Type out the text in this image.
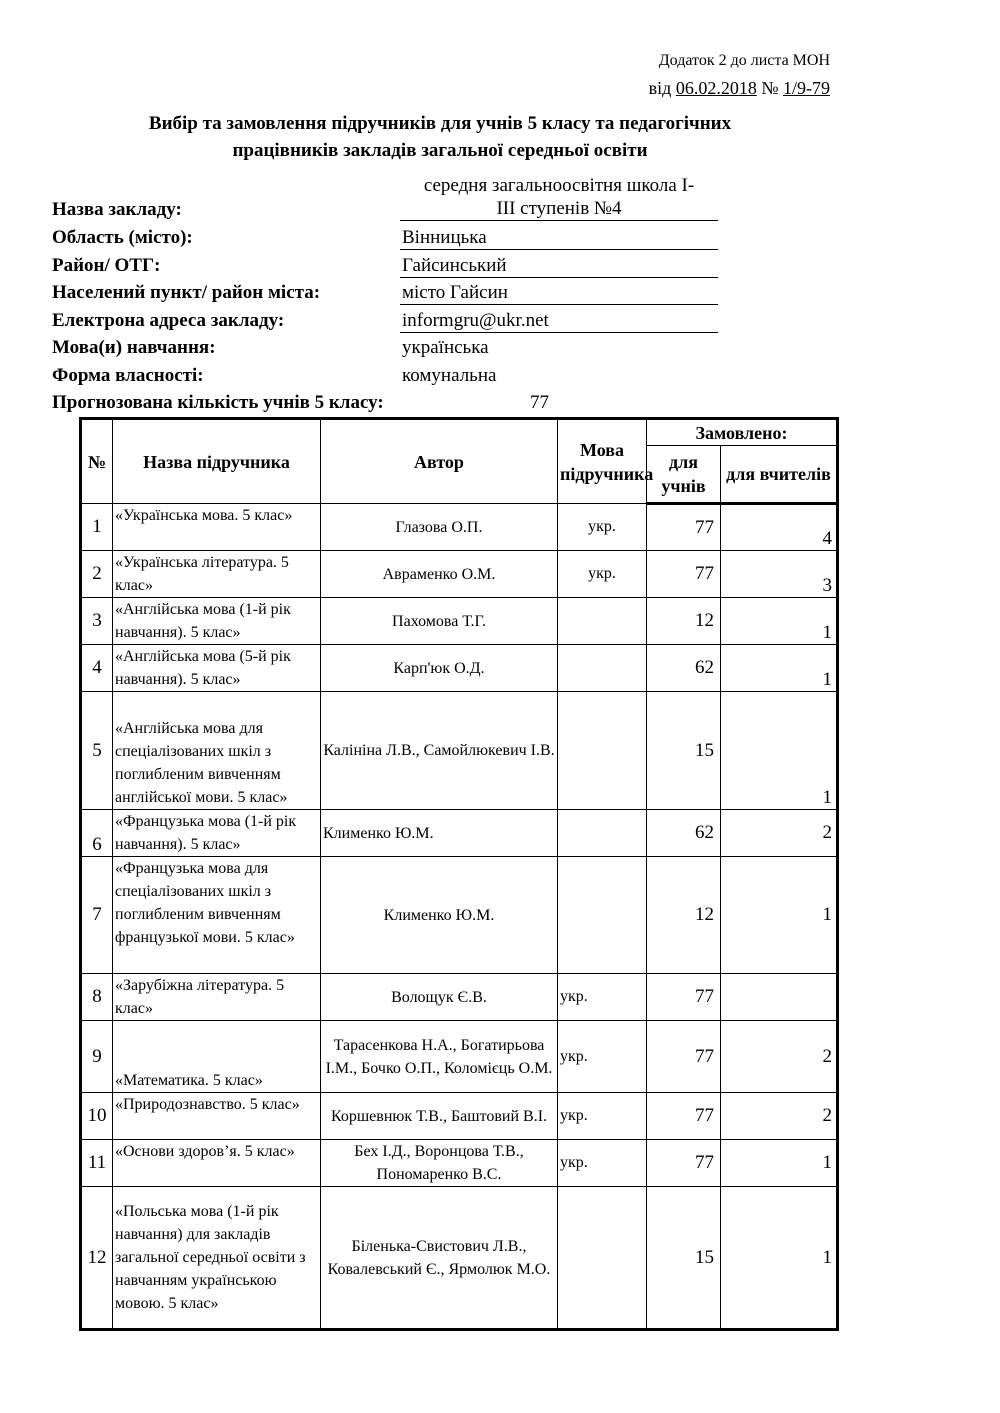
Додаток 2 до листа МОН
від 06.02.2018 № 1/9-79
Вибір та замовлення підручників для учнів 5 класу та педагогічних
працівників закладів загальної середньої освіти
Назва закладу:
середня загальноосвітня школа І-
ІІІ ступенів №4
Область (місто):	Вінницька
Район/ ОТГ:	Гайсинський
Населений пункт/ район міста:	місто Гайсин
Електрона адреса закладу:	informgru@ukr.net
Мова(и) навчання:	українська
Форма власності:	комунальна
Прогнозована кількість учнів 5 класу:	77
№	Назва підручника	Автор	Мова підручника	Замовлено:	
				для учнів	для вчителів
1	«Українська мова. 5 клас»	Глазова О.П.	укр.	77	4
2	«Українська література. 5 клас»	Авраменко О.М.	укр.	77	3
3	«Англійська мова (1-й рік навчання). 5 клас»	Пахомова Т.Г.		12	1
4	«Англійська мова (5-й рік навчання). 5 клас»	Карп'юк О.Д.		62	1
5	«Англійська мова для спеціалізованих шкіл з поглибленим вивченням англійської мови. 5 клас»	Калініна Л.В., Самойлюкевич І.В.		15	1
6	«Французька мова (1-й рік навчання). 5 клас»	Клименко Ю.М.		62	2
7	«Французька мова для спеціалізованих шкіл з поглибленим вивченням французької мови. 5 клас»	Клименко Ю.М.		12	1
8	«Зарубіжна література. 5 клас»	Волощук Є.В.	укр.	77	
9	«Математика. 5 клас»	Тарасенкова Н.А., Богатирьова І.М., Бочко О.П., Коломієць О.М.	укр.	77	2
10	«Природознавство. 5 клас»	Коршевнюк Т.В., Баштовий В.І.	укр.	77	2
11	«Основи здоров’я. 5 клас»	Бех І.Д., Воронцова Т.В., Пономаренко В.С.	укр.	77	1
12	«Польська мова (1-й рік навчання) для закладів загальної середньої освіти з навчанням українською мовою. 5 клас»	Біленька-Свистович Л.В., Ковалевський Є., Ярмолюк М.О.		15	1
